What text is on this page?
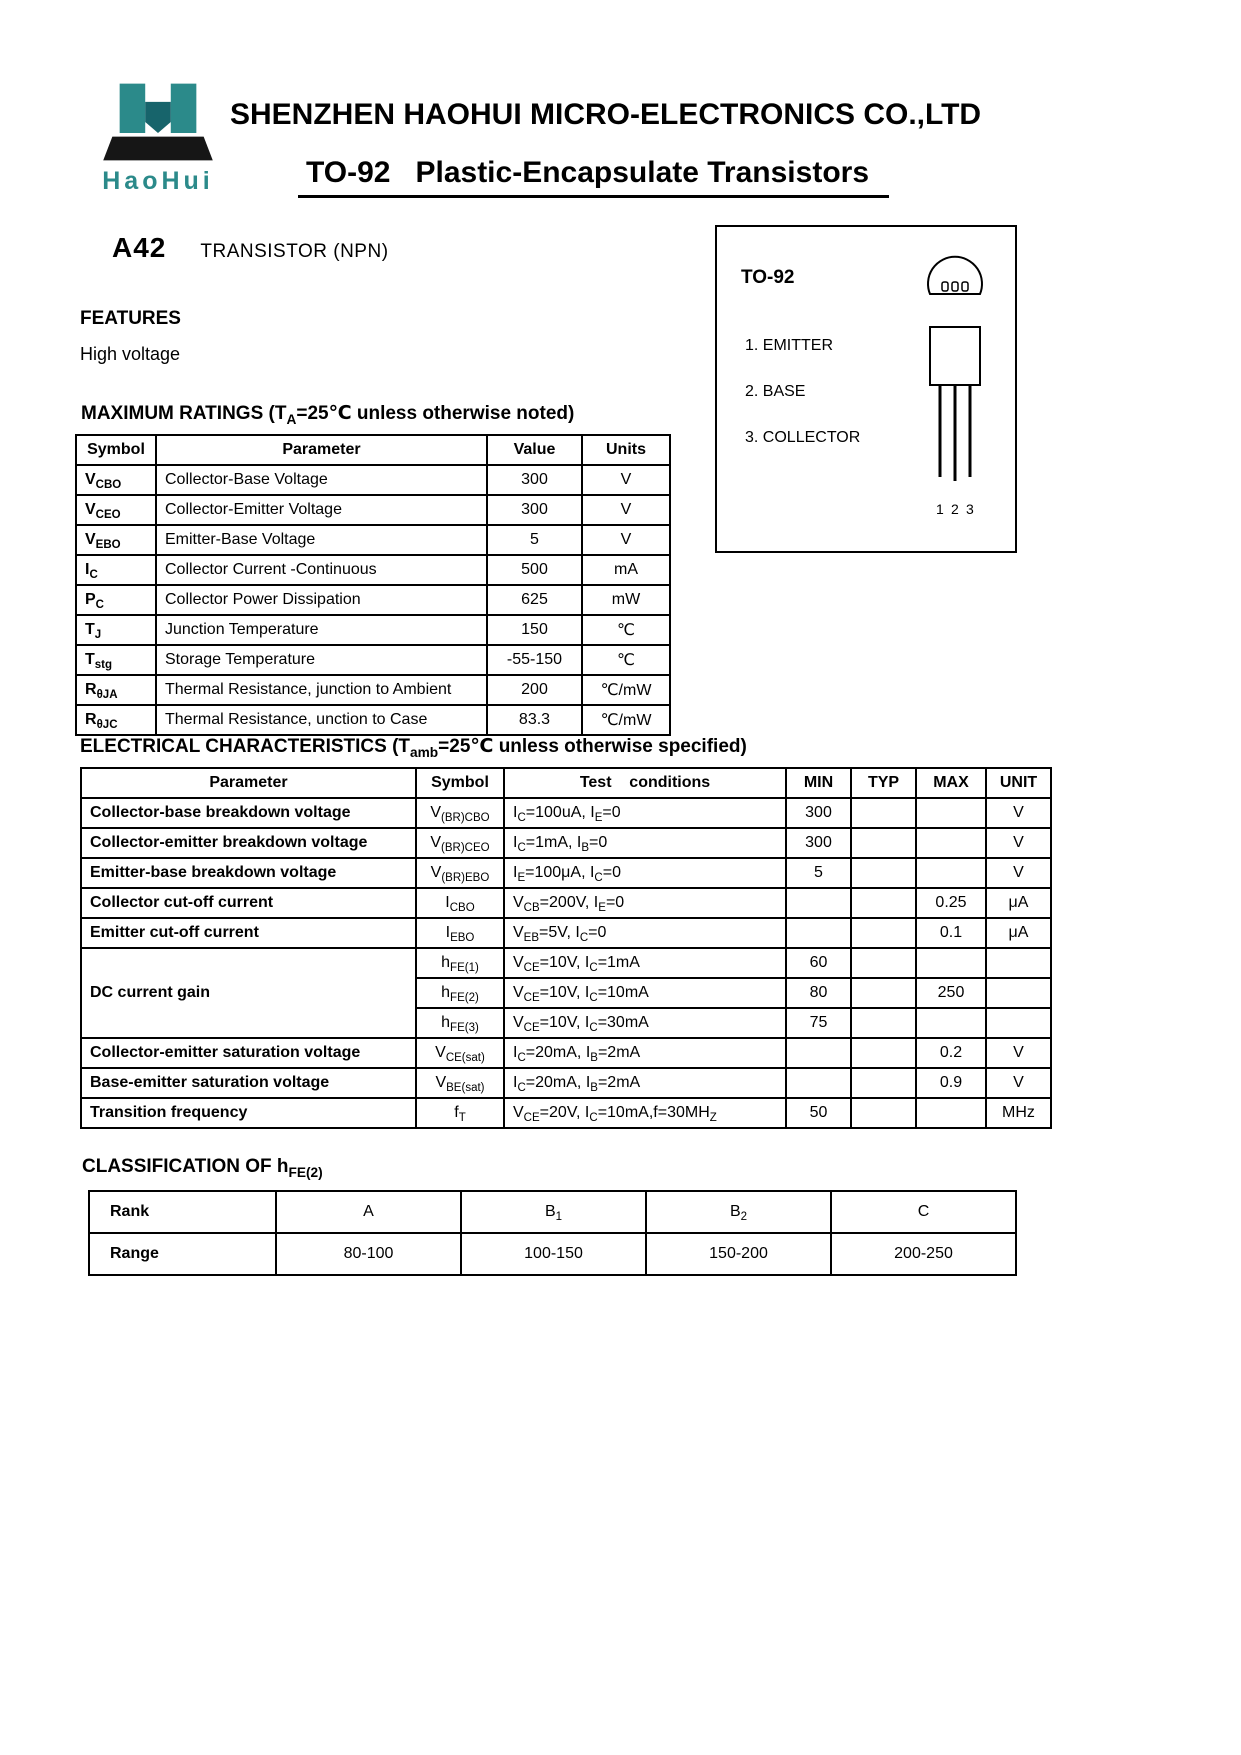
HaoHui
SHENZHEN HAOHUI MICRO-ELECTRONICS CO.,LTD
TO-92   Plastic-Encapsulate Transistors
A42 TRANSISTOR (NPN)
TO-92
1. EMITTER
2. BASE
3. COLLECTOR
1 2 3
FEATURES

High voltage

MAXIMUM RATINGS ($T_A=25℃$ unless otherwise noted)
Symbol	Parameter	Value	Units
$V_{CBO}$	Collector-Base Voltage	300	V
$V_{CEO}$	Collector-Emitter Voltage	300	V
$V_{EBO}$	Emitter-Base Voltage	5	V
$I_C$	Collector Current -Continuous	500	mA
$P_C$	Collector Power Dissipation	625	mW
$T_J$	Junction Temperature	150	℃
$T_{stg}$	Storage Temperature	-55-150	℃
$R_{\theta JA}$	Thermal Resistance, junction to Ambient	200	℃/mW
$R_{\theta JC}$	Thermal Resistance, unction to Case	83.3	℃/mW
ELECTRICAL CHARACTERISTICS ($T_{amb}=25℃$ unless otherwise specified)
Parameter	Symbol	Test    conditions	MIN	TYP	MAX	UNIT
Collector-base breakdown voltage	$V_{(BR)CBO}$	$I_C=100uA$, $I_E=0$	300			V
Collector-emitter breakdown voltage	$V_{(BR)CEO}$	$I_C=1mA$, $I_B=0$	300			V
Emitter-base breakdown voltage	$V_{(BR)EBO}$	$I_E=100\mu A$, $I_C=0$	5			V
Collector cut-off current	$I_{CBO}$	$V_{CB}=200V$, $I_E=0$			0.25	μA
Emitter cut-off current	$I_{EBO}$	$V_{EB}=5V$, $I_C=0$			0.1	μA
DC current gain	$h_{FE(1)}$	$V_{CE}=10V$, $I_C=1mA$	60			
	$h_{FE(2)}$	$V_{CE}=10V$, $I_C=10mA$	80		250	
	$h_{FE(3)}$	$V_{CE}=10V$, $I_C=30mA$	75			
Collector-emitter saturation voltage	$V_{CE(sat)}$	$I_C=20mA$, $I_B=2mA$			0.2	V
Base-emitter saturation voltage	$V_{BE(sat)}$	$I_C=20mA$, $I_B=2mA$			0.9	V
Transition frequency	$f_T$	$V_{CE}=20V$, $I_C=10mA,f=30MH_Z$	50			MHz
CLASSIFICATION OF $h_{FE(2)}$
Rank	A	$B_1$	$B_2$	C
Range	80-100	100-150	150-200	200-250
